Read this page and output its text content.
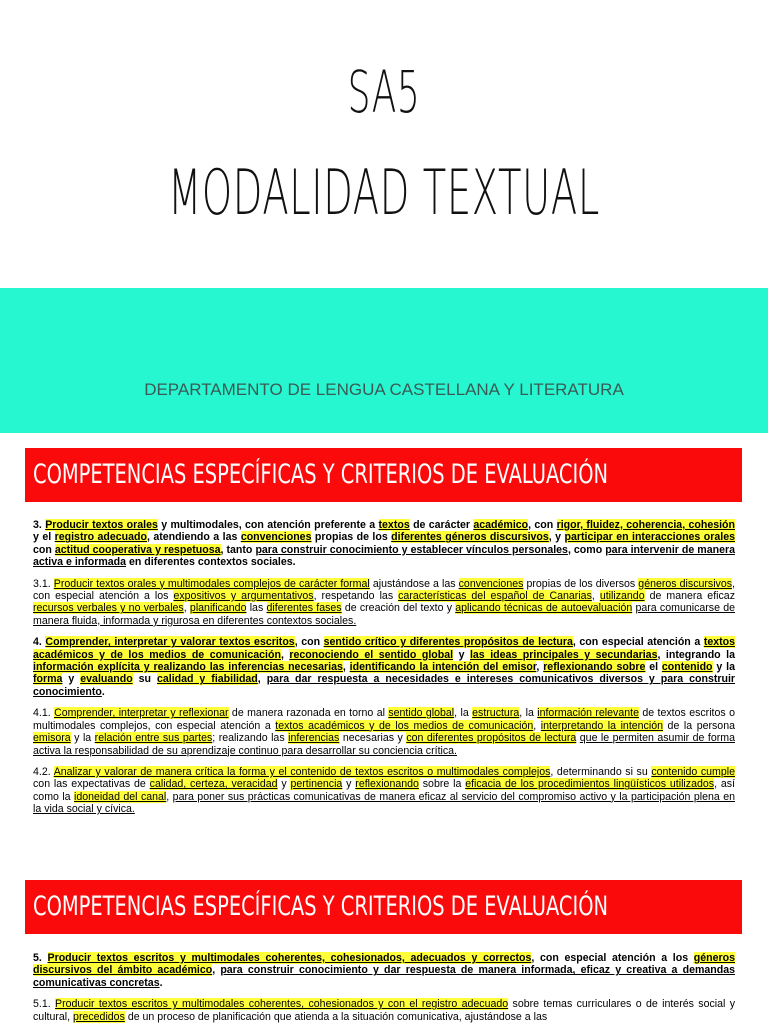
SA5
MODALIDAD TEXTUAL
DEPARTAMENTO DE LENGUA CASTELLANA Y LITERATURA
COMPETENCIAS ESPECÍFICAS Y CRITERIOS DE EVALUACIÓN

3. Producir textos orales y multimodales, con atención preferente a textos de carácter académico, con rigor, fluidez, coherencia, cohesión y el registro adecuado, atendiendo a las convenciones propias de los diferentes géneros discursivos, y participar en interacciones orales con actitud cooperativa y respetuosa, tanto para construir conocimiento y establecer vínculos personales, como para intervenir de manera activa e informada en diferentes contextos sociales.

3.1. Producir textos orales y multimodales complejos de carácter formal ajustándose a las convenciones propias de los diversos géneros discursivos, con especial atención a los expositivos y argumentativos, respetando las características del español de Canarias, utilizando de manera eficaz recursos verbales y no verbales, planificando las diferentes fases de creación del texto y aplicando técnicas de autoevaluación para comunicarse de manera fluida, informada y rigurosa en diferentes contextos sociales.

4. Comprender, interpretar y valorar textos escritos, con sentido crítico y diferentes propósitos de lectura, con especial atención a textos académicos y de los medios de comunicación, reconociendo el sentido global y las ideas principales y secundarias, integrando la información explícita y realizando las inferencias necesarias, identificando la intención del emisor, reflexionando sobre el contenido y la forma y evaluando su calidad y fiabilidad, para dar respuesta a necesidades e intereses comunicativos diversos y para construir conocimiento.

4.1. Comprender, interpretar y reflexionar de manera razonada en torno al sentido global, la estructura, la información relevante de textos escritos o multimodales complejos, con especial atención a textos académicos y de los medios de comunicación, interpretando la intención de la persona emisora y la relación entre sus partes; realizando las inferencias necesarias y con diferentes propósitos de lectura que le permiten asumir de forma activa la responsabilidad de su aprendizaje continuo para desarrollar su conciencia crítica.

4.2. Analizar y valorar de manera crítica la forma y el contenido de textos escritos o multimodales complejos, determinando si su contenido cumple con las expectativas de calidad, certeza, veracidad y pertinencia y reflexionando sobre la eficacia de los procedimientos lingüísticos utilizados, así como la idoneidad del canal, para poner sus prácticas comunicativas de manera eficaz al servicio del compromiso activo y la participación plena en la vida social y cívica.

COMPETENCIAS ESPECÍFICAS Y CRITERIOS DE EVALUACIÓN

5. Producir textos escritos y multimodales coherentes, cohesionados, adecuados y correctos, con especial atención a los géneros discursivos del ámbito académico, para construir conocimiento y dar respuesta de manera informada, eficaz y creativa a demandas comunicativas concretas.

5.1. Producir textos escritos y multimodales coherentes, cohesionados y con el registro adecuado sobre temas curriculares o de interés social y cultural, precedidos de un proceso de planificación que atienda a la situación comunicativa, ajustándose a las
